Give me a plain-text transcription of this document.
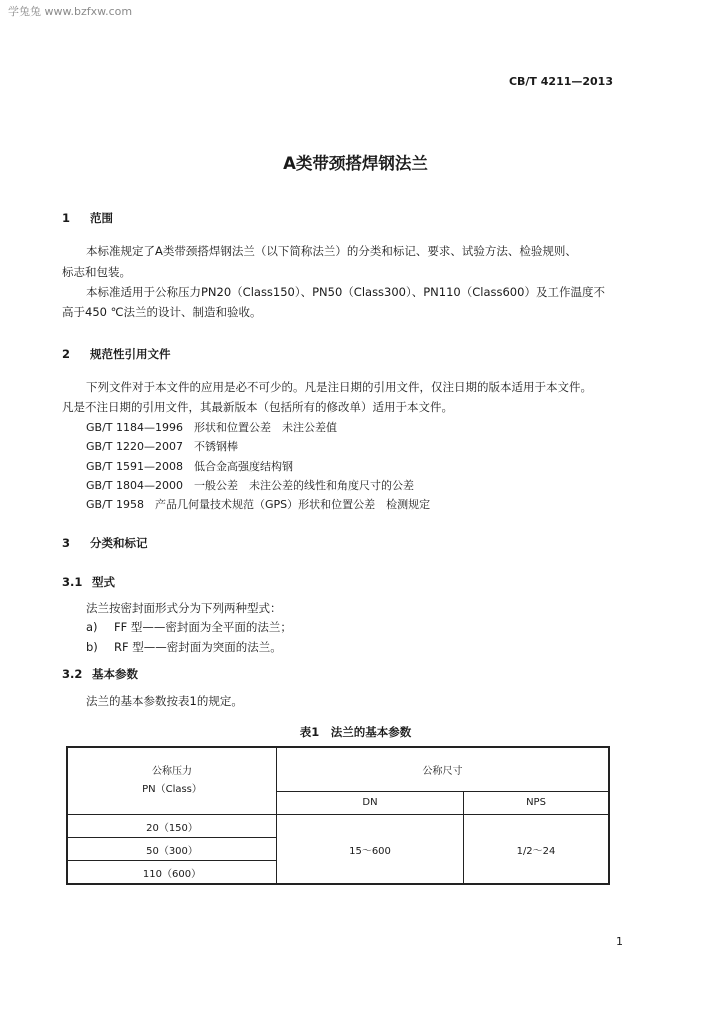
学兔兔 www.bzfxw.com
CB/T 4211—2013
A类带颈搭焊钢法兰
1 范围
本标准规定了A类带颈搭焊钢法兰（以下简称法兰）的分类和标记、要求、试验方法、检验规则、
标志和包装。
本标准适用于公称压力PN20（Class150）、PN50（Class300）、PN110（Class600）及工作温度不
高于450 ℃法兰的设计、制造和验收。
2 规范性引用文件
下列文件对于本文件的应用是必不可少的。凡是注日期的引用文件，仅注日期的版本适用于本文件。
凡是不注日期的引用文件，其最新版本（包括所有的修改单）适用于本文件。
GB/T 1184—1996　形状和位置公差　未注公差值
GB/T 1220—2007　不锈钢棒
GB/T 1591—2008　低合金高强度结构钢
GB/T 1804—2000　一般公差　未注公差的线性和角度尺寸的公差
GB/T 1958　产品几何量技术规范（GPS）形状和位置公差　检测规定
3 分类和标记
3.1 型式
法兰按密封面形式分为下列两种型式：
a) FF 型——密封面为全平面的法兰；
b) RF 型——密封面为突面的法兰。
3.2 基本参数
法兰的基本参数按表1的规定。
表1　法兰的基本参数
公称压力
PN（Class）	公称尺寸	
	DN	NPS
20（150）	15～600	1/2～24
50（300）		
110（600）		
1
